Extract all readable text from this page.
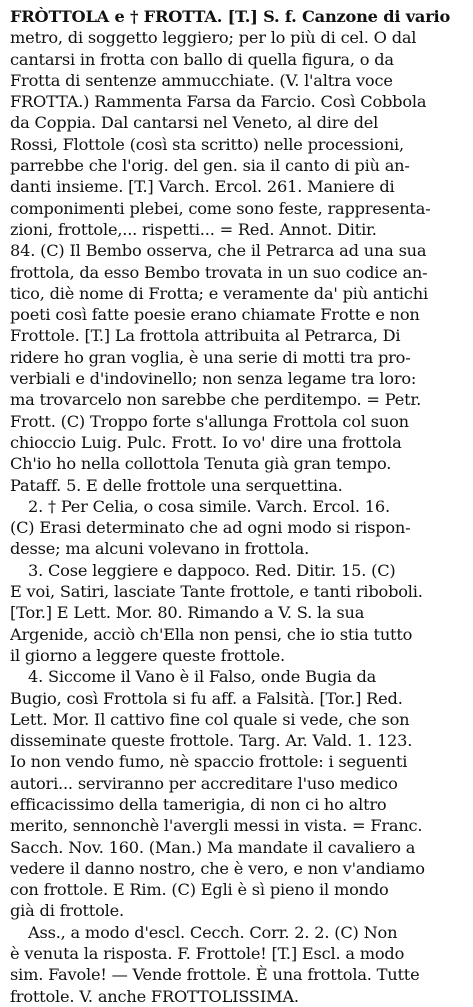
FRÒTTOLA e † FROTTA. [T.] S. f. Canzone di vario
metro, di soggetto leggiero; per lo più di cel. O dal
cantarsi in frotta con ballo di quella figura, o da
Frotta di sentenze ammucchiate. (V. l'altra voce
FROTTA.) Rammenta Farsa da Farcio. Così Cobbola
da Coppia. Dal cantarsi nel Veneto, al dire del
Rossi, Flottole (così sta scritto) nelle processioni,
parrebbe che l'orig. del gen. sia il canto di più an-
danti insieme. [T.] Varch. Ercol. 261. Maniere di
componimenti plebei, come sono feste, rappresenta-
zioni, frottole,... rispetti... = Red. Annot. Ditir.
84. (C) Il Bembo osserva, che il Petrarca ad una sua
frottola, da esso Bembo trovata in un suo codice an-
tico, diè nome di Frotta; e veramente da' più antichi
poeti così fatte poesie erano chiamate Frotte e non
Frottole. [T.] La frottola attribuita al Petrarca, Di
ridere ho gran voglia, è una serie di motti tra pro-
verbiali e d'indovinello; non senza legame tra loro:
ma trovarcelo non sarebbe che perditempo. = Petr.
Frott. (C) Troppo forte s'allunga Frottola col suon
chioccio Luig. Pulc. Frott. Io vo' dire una frottola
Ch'io ho nella collottola Tenuta già gran tempo.
Pataff. 5. E delle frottole una serquettina.
2. † Per Celia, o cosa simile. Varch. Ercol. 16.
(C) Erasi determinato che ad ogni modo si rispon-
desse; ma alcuni volevano in frottola.
3. Cose leggiere e dappoco. Red. Ditir. 15. (C)
E voi, Satiri, lasciate Tante frottole, e tanti riboboli.
[Tor.] E Lett. Mor. 80. Rimando a V. S. la sua
Argenide, acciò ch'Ella non pensi, che io stia tutto
il giorno a leggere queste frottole.
4. Siccome il Vano è il Falso, onde Bugia da
Bugio, così Frottola si fu aff. a Falsità. [Tor.] Red.
Lett. Mor. Il cattivo fine col quale si vede, che son
disseminate queste frottole. Targ. Ar. Vald. 1. 123.
Io non vendo fumo, nè spaccio frottole: i seguenti
autori... serviranno per accreditare l'uso medico
efficacissimo della tamerigia, di non ci ho altro
merito, sennonchè l'avergli messi in vista. = Franc.
Sacch. Nov. 160. (Man.) Ma mandate il cavaliero a
vedere il danno nostro, che è vero, e non v'andiamo
con frottole. E Rim. (C) Egli è sì pieno il mondo
già di frottole.
Ass., a modo d'escl. Cecch. Corr. 2. 2. (C) Non
è venuta la risposta. F. Frottole! [T.] Escl. a modo
sim. Favole! — Vende frottole. È una frottola. Tutte
frottole. V. anche FROTTOLISSIMA.
